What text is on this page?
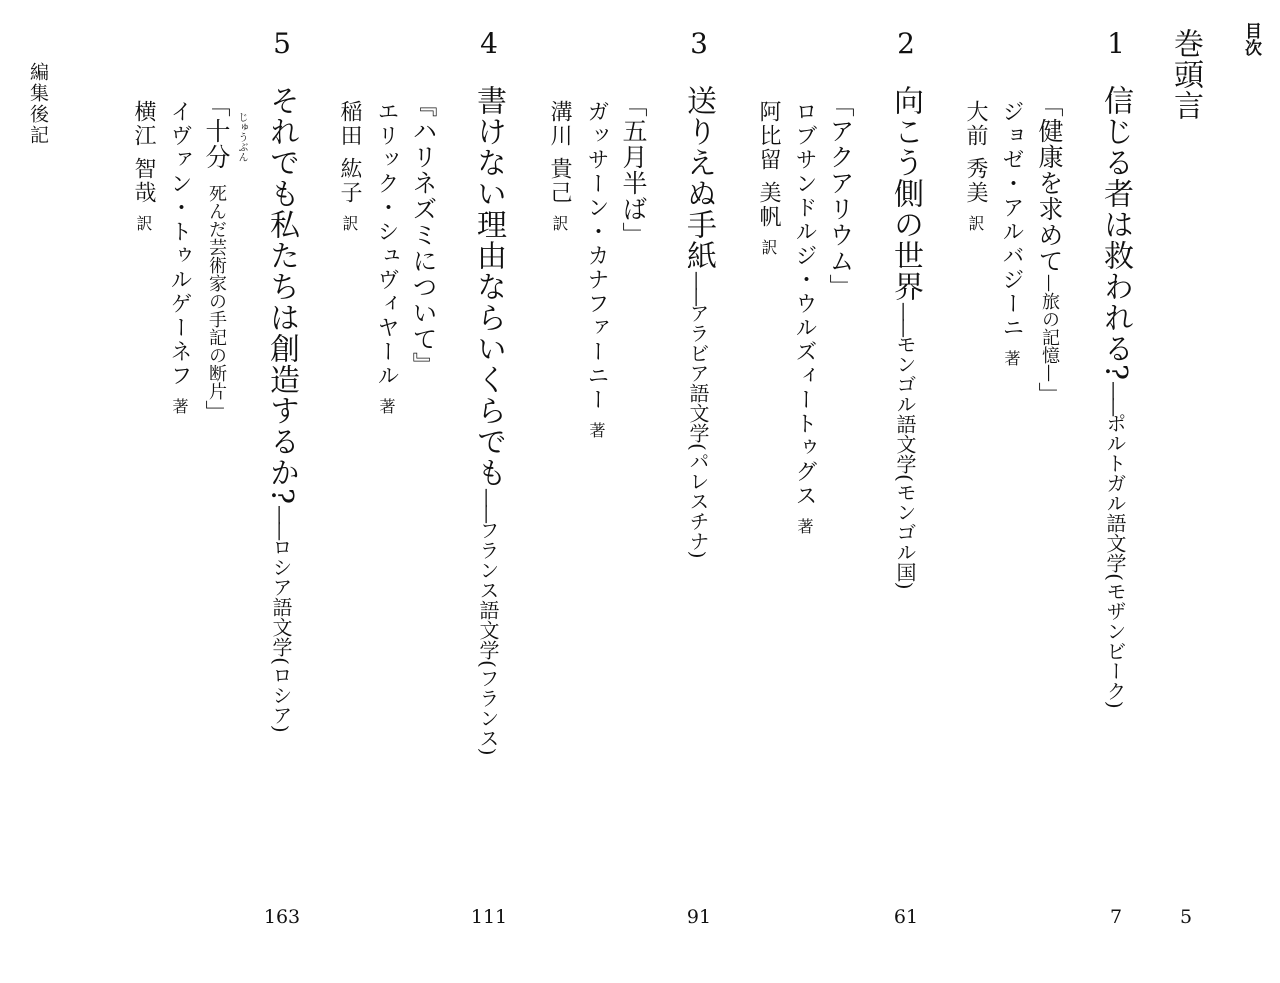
目次
巻頭言
5
1
信じる者は救われる?——ポルトガル語文学(モザンビーク)
「健康を求めて—旅の記憶—」
ジョゼ・アルバジーニ著
大前 秀美訳
7
2
向こう側の世界——モンゴル語文学(モンゴル国)
「アクアリウム」
ロブサンドルジ・ウルズィートゥグス著
阿比留 美帆訳
61
3
送りえぬ手紙——アラビア語文学(パレスチナ)
「五月半ば」
ガッサーン・カナファーニー著
溝川 貴己訳
91
4
書けない理由ならいくらでも——フランス語文学(フランス)
『ハリネズミについて』
エリック・シュヴィヤール著
稲田 紘子訳
111
5
それでも私たちは創造するか?——ロシア語文学(ロシア)
じゅうぶん
「十分死んだ芸術家の手記の断片」
イヴァン・トゥルゲーネフ著
横江 智哉訳
163
編集後記
